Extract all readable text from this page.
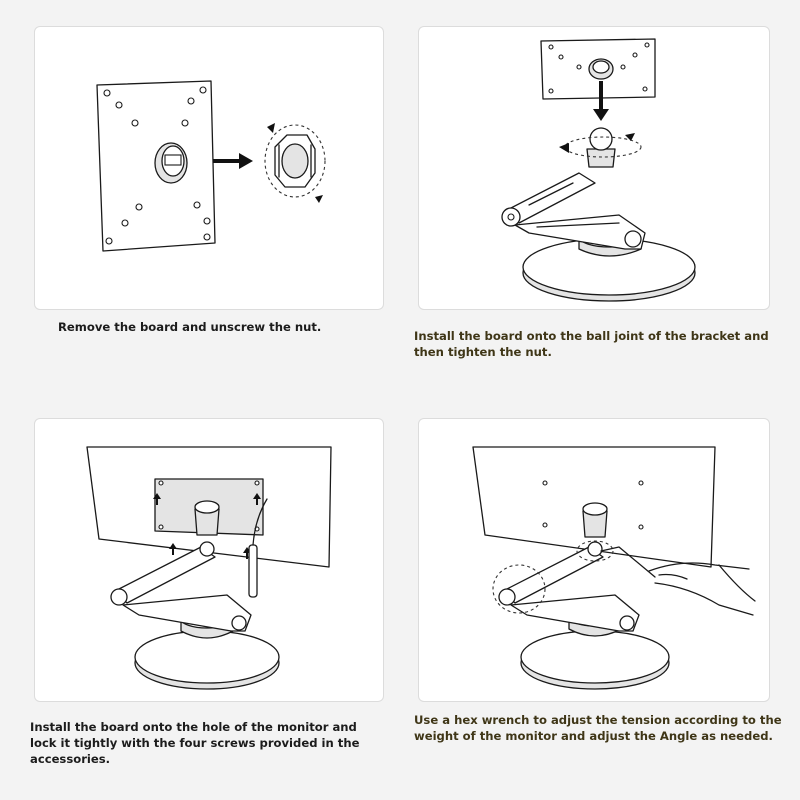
Remove the board and unscrew the nut.
Install the board onto the ball joint of the bracket and then tighten the nut.
Install the board onto the hole of the monitor and lock it tightly with the four screws provided in the accessories.
Use a hex wrench to adjust the tension according to the weight of the monitor and adjust the Angle as needed.
